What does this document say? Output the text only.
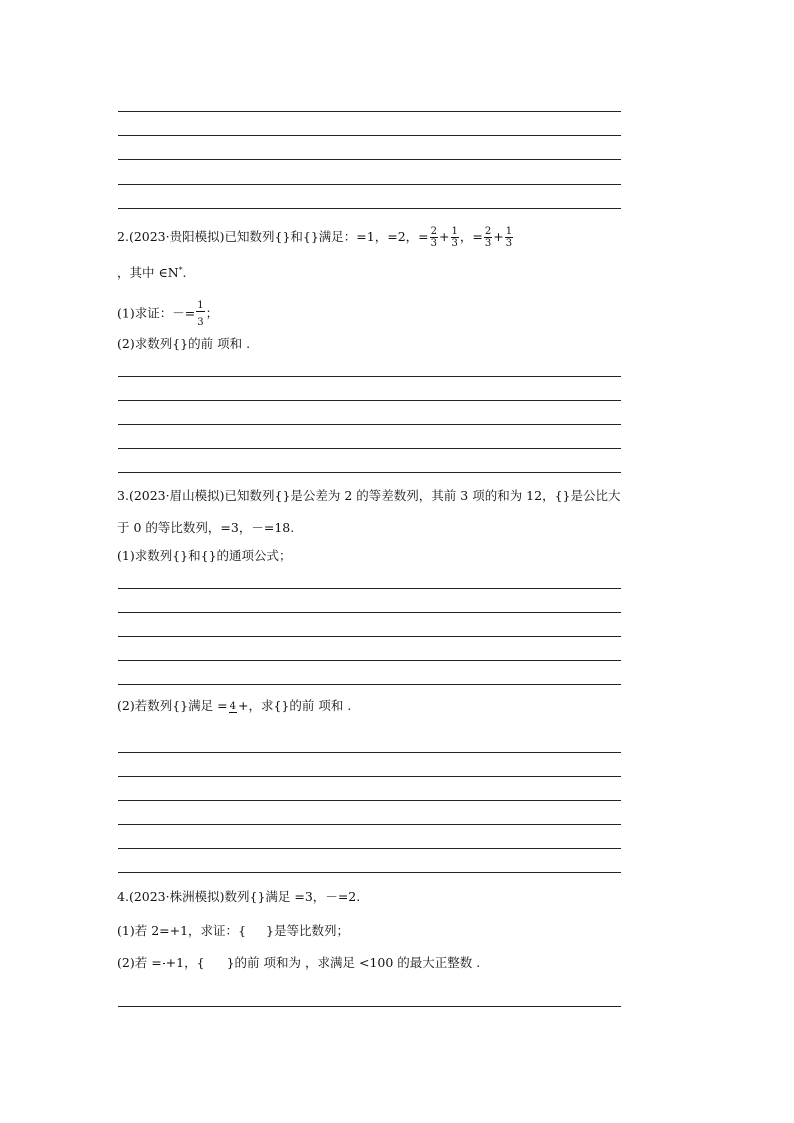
2.(2023·贵阳模拟)已知数列{}和{}满足：=1，=2，= $\frac{2}{3} + \frac{1}{3}$ ，= $\frac{2}{3} + \frac{1}{3}$
，其中 ∈N*.
(1)求证：－= $\frac{1}{3}$ ；
(2)求数列{}的前 项和 .
3.(2023·眉山模拟)已知数列{}是公差为 2 的等差数列，其前 3 项的和为 12，{}是公比大
于 0 的等比数列，=3，－=18.
(1)求数列{}和{}的通项公式；
(2)若数列{}满足 = 4 +，求{}的前 项和 .
4.(2023·株洲模拟)数列{}满足 =3，－=2.
(1)若 2=+1，求证：{ }是等比数列；
(2)若 = +1，{ }的前 项和为 ，求满足 <100 的最大正整数 .
